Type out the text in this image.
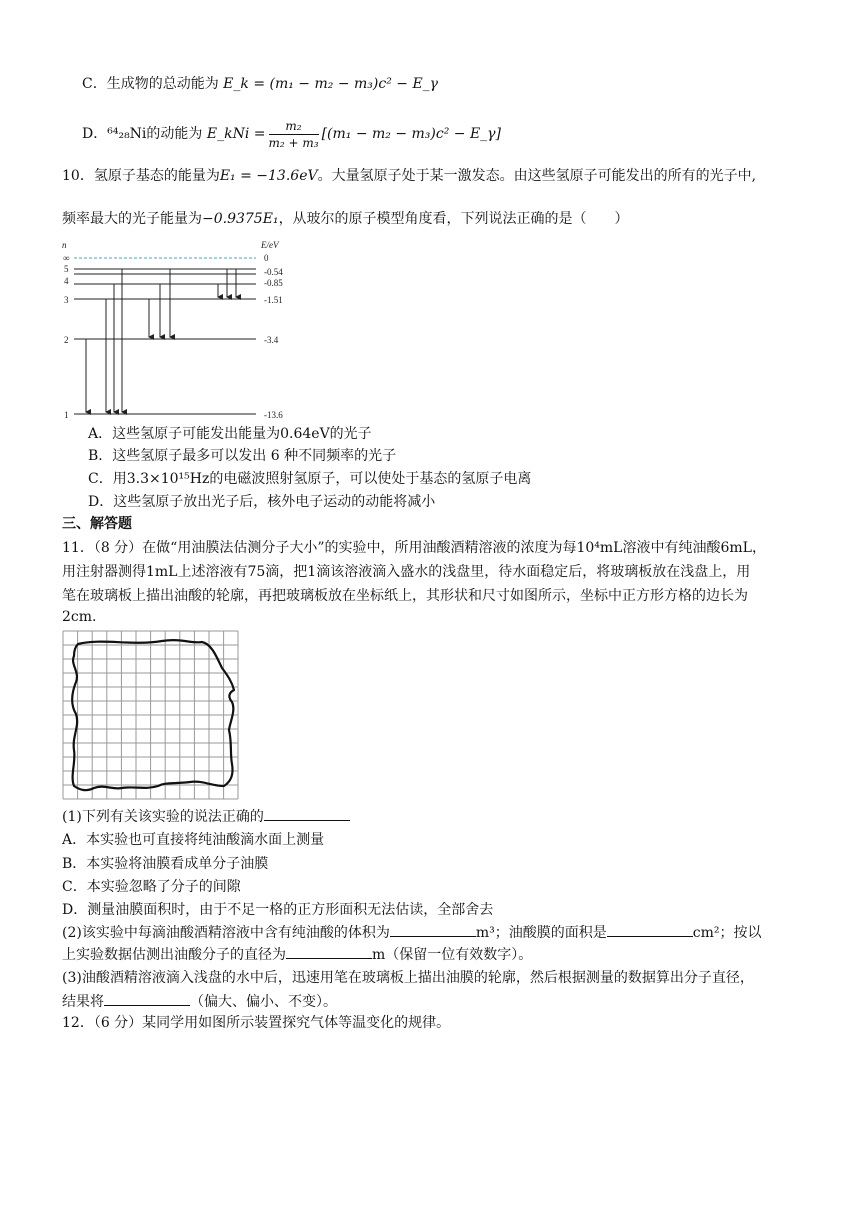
C．生成物的总动能为 E_k = (m₁ − m₂ − m₃)c² − E_γ
D．⁶⁴₂₈Ni的动能为 E_kNi = $\frac{\text{m₂}}{\text{m₂ + m₃}} [(m_1 - m_2 - m_3)c^2$ − E_γ]
10．氢原子基态的能量为E₁ = −13.6eV。大量氢原子处于某一激发态。由这些氢原子可能发出的所有的光子中,
频率最大的光子能量为−0.9375E₁，从玻尔的原子模型角度看，下列说法正确的是（　　）
n	E/eV
∞
5
4
3
2
1
0
-0.54
-0.85
-1.51
-3.4
-13.6
A．这些氢原子可能发出能量为0.64eV的光子
B．这些氢原子最多可以发出 6 种不同频率的光子
C．用3.3×10¹⁵Hz的电磁波照射氢原子，可以使处于基态的氢原子电离
D．这些氢原子放出光子后，核外电子运动的动能将减小
三、解答题
11．（8 分）在做“用油膜法估测分子大小”的实验中，所用油酸酒精溶液的浓度为每10⁴mL溶液中有纯油酸6mL，
用注射器测得1mL上述溶液有75滴，把1滴该溶液滴入盛水的浅盘里，待水面稳定后，将玻璃板放在浅盘上，用
笔在玻璃板上描出油酸的轮廓，再把玻璃板放在坐标纸上，其形状和尺寸如图所示，坐标中正方形方格的边长为
2cm.
(1)下列有关该实验的说法正确的
A．本实验也可直接将纯油酸滴水面上测量
B．本实验将油膜看成单分子油膜
C．本实验忽略了分子的间隙
D．测量油膜面积时，由于不足一格的正方形面积无法估读，全部舍去
(2)该实验中每滴油酸酒精溶液中含有纯油酸的体积为	m³；油酸膜的面积是	cm²；按以
上实验数据估测出油酸分子的直径为	m（保留一位有效数字）。
(3)油酸酒精溶液滴入浅盘的水中后，迅速用笔在玻璃板上描出油膜的轮廓，然后根据测量的数据算出分子直径，
结果将	（偏大、偏小、不变）。
12．（6 分）某同学用如图所示装置探究气体等温变化的规律。
